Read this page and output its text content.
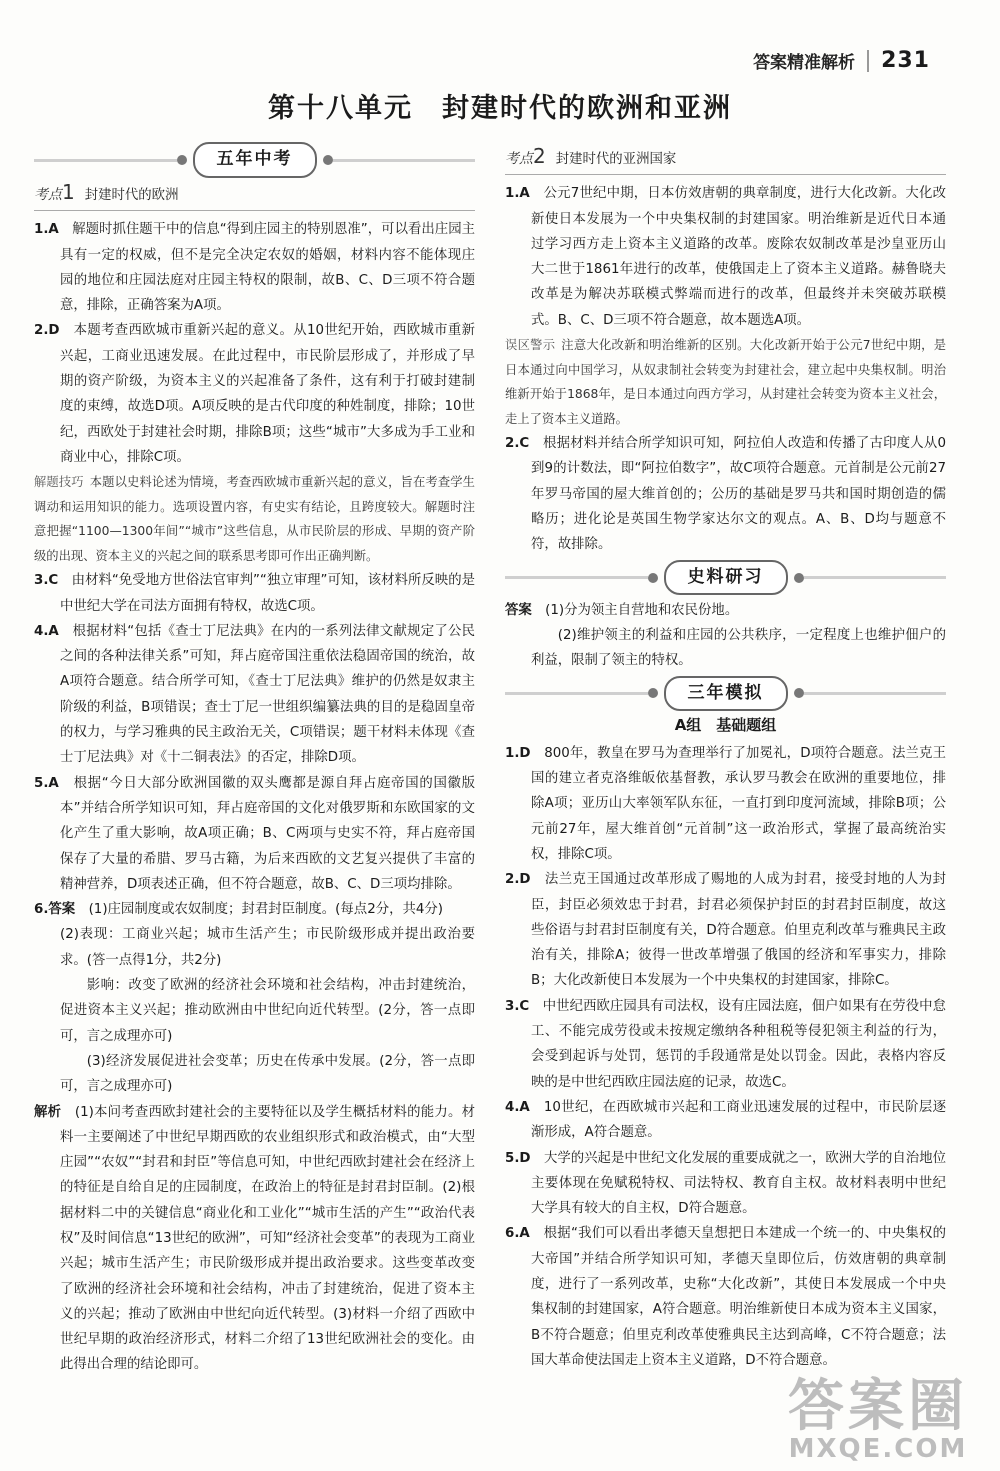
答案精准解析 231
第十八单元　封建时代的欧洲和亚洲
五年中考
考点1 封建时代的欧洲

1.A　 解题时抓住题干中的信息“得到庄园主的特别恩准”，可以看出庄园主具有一定的权威，但不是完全决定农奴的婚姻，材料内容不能体现庄园的地位和庄园法庭对庄园主特权的限制，故B、C、D三项不符合题意，排除，正确答案为A项。

2.D　 本题考查西欧城市重新兴起的意义。从10世纪开始，西欧城市重新兴起，工商业迅速发展。在此过程中，市民阶层形成了，并形成了早期的资产阶级，为资本主义的兴起准备了条件，这有利于打破封建制度的束缚，故选D项。A项反映的是古代印度的种姓制度，排除；10世纪，西欧处于封建社会时期，排除B项；这些“城市”大多成为手工业和商业中心，排除C项。

解题技巧 本题以史料论述为情境，考查西欧城市重新兴起的意义，旨在考查学生调动和运用知识的能力。选项设置内容，有史实有结论，且跨度较大。解题时注意把握“1100—1300年间”“城市”这些信息，从市民阶层的形成、早期的资产阶级的出现、资本主义的兴起之间的联系思考即可作出正确判断。

3.C　 由材料“免受地方世俗法官审判”“独立审理”可知，该材料所反映的是中世纪大学在司法方面拥有特权，故选C项。

4.A　 根据材料“包括《查士丁尼法典》在内的一系列法律文献规定了公民之间的各种法律关系”可知，拜占庭帝国注重依法稳固帝国的统治，故A项符合题意。结合所学可知，《查士丁尼法典》维护的仍然是奴隶主阶级的利益，B项错误；查士丁尼一世组织编纂法典的目的是稳固皇帝的权力，与学习雅典的民主政治无关，C项错误；题干材料未体现《查士丁尼法典》对《十二铜表法》的否定，排除D项。

5.A　 根据“今日大部分欧洲国徽的双头鹰都是源自拜占庭帝国的国徽版本”并结合所学知识可知，拜占庭帝国的文化对俄罗斯和东欧国家的文化产生了重大影响，故A项正确；B、C两项与史实不符，拜占庭帝国保存了大量的希腊、罗马古籍，为后来西欧的文艺复兴提供了丰富的精神营养，D项表述正确，但不符合题意，故B、C、D三项均排除。

6.答案　 (1)庄园制度或农奴制度；封君封臣制度。(每点2分，共4分)

(2)表现：工商业兴起；城市生活产生；市民阶级形成并提出政治要求。(答一点得1分，共2分)

影响：改变了欧洲的经济社会环境和社会结构，冲击封建统治，促进资本主义兴起；推动欧洲由中世纪向近代转型。(2分，答一点即可，言之成理亦可)

(3)经济发展促进社会变革；历史在传承中发展。(2分，答一点即可，言之成理亦可)

解析　 (1)本问考查西欧封建社会的主要特征以及学生概括材料的能力。材料一主要阐述了中世纪早期西欧的农业组织形式和政治模式，由“大型庄园”“农奴”“封君和封臣”等信息可知，中世纪西欧封建社会在经济上的特征是自给自足的庄园制度，在政治上的特征是封君封臣制。(2)根据材料二中的关键信息“商业化和工业化”“城市生活的产生”“政治代表权”及时间信息“13世纪的欧洲”，可知“经济社会变革”的表现为工商业兴起；城市生活产生；市民阶级形成并提出政治要求。这些变革改变了欧洲的经济社会环境和社会结构，冲击了封建统治，促进了资本主义的兴起；推动了欧洲由中世纪向近代转型。(3)材料一介绍了西欧中世纪早期的政治经济形式，材料二介绍了13世纪欧洲社会的变化。由此得出合理的结论即可。

考点2 封建时代的亚洲国家

1.A　 公元7世纪中期，日本仿效唐朝的典章制度，进行大化改新。大化改新使日本发展为一个中央集权制的封建国家。明治维新是近代日本通过学习西方走上资本主义道路的改革。废除农奴制改革是沙皇亚历山大二世于1861年进行的改革，使俄国走上了资本主义道路。赫鲁晓夫改革是为解决苏联模式弊端而进行的改革，但最终并未突破苏联模式。B、C、D三项不符合题意，故本题选A项。

误区警示 注意大化改新和明治维新的区别。大化改新开始于公元7世纪中期，是日本通过向中国学习，从奴隶制社会转变为封建社会，建立起中央集权制。明治维新开始于1868年，是日本通过向西方学习，从封建社会转变为资本主义社会，走上了资本主义道路。

2.C　 根据材料并结合所学知识可知，阿拉伯人改造和传播了古印度人从0到9的计数法，即“阿拉伯数字”，故C项符合题意。元首制是公元前27年罗马帝国的屋大维首创的；公历的基础是罗马共和国时期创造的儒略历；进化论是英国生物学家达尔文的观点。A、B、D均与题意不符，故排除。

史料研习

答案　 (1)分为领主自营地和农民份地。

(2)维护领主的利益和庄园的公共秩序，一定程度上也维护佃户的利益，限制了领主的特权。

三年模拟
A组　基础题组

1.D　 800年，教皇在罗马为查理举行了加冕礼，D项符合题意。法兰克王国的建立者克洛维皈依基督教，承认罗马教会在欧洲的重要地位，排除A项；亚历山大率领军队东征，一直打到印度河流域，排除B项；公元前27年，屋大维首创“元首制”这一政治形式，掌握了最高统治实权，排除C项。

2.D　 法兰克王国通过改革形成了赐地的人成为封君，接受封地的人为封臣，封臣必须效忠于封君，封君必须保护封臣的封君封臣制度，故这些俗语与封君封臣制度有关，D符合题意。伯里克利改革与雅典民主政治有关，排除A；彼得一世改革增强了俄国的经济和军事实力，排除B；大化改新使日本发展为一个中央集权的封建国家，排除C。

3.C　 中世纪西欧庄园具有司法权，设有庄园法庭，佃户如果有在劳役中怠工、不能完成劳役或未按规定缴纳各种租税等侵犯领主利益的行为，会受到起诉与处罚，惩罚的手段通常是处以罚金。因此，表格内容反映的是中世纪西欧庄园法庭的记录，故选C。

4.A　 10世纪，在西欧城市兴起和工商业迅速发展的过程中，市民阶层逐渐形成，A符合题意。

5.D　 大学的兴起是中世纪文化发展的重要成就之一，欧洲大学的自治地位主要体现在免赋税特权、司法特权、教育自主权。故材料表明中世纪大学具有较大的自主权，D符合题意。

6.A　 根据“我们可以看出孝德天皇想把日本建成一个统一的、中央集权的大帝国”并结合所学知识可知，孝德天皇即位后，仿效唐朝的典章制度，进行了一系列改革，史称“大化改新”，其使日本发展成一个中央集权制的封建国家，A符合题意。明治维新使日本成为资本主义国家，B不符合题意；伯里克利改革使雅典民主达到高峰，C不符合题意；法国大革命使法国走上资本主义道路，D不符合题意。

答案圈
MXQE.COM
